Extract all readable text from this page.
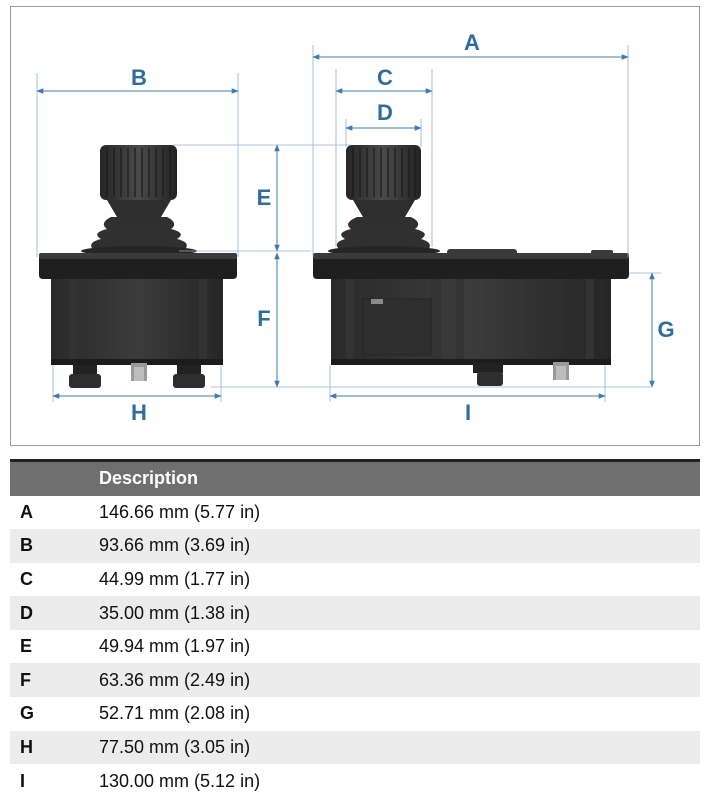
A
B	C
D
E
F	G
H	I
	Description
A	146.66 mm (5.77 in)
B	93.66 mm (3.69 in)
C	44.99 mm (1.77 in)
D	35.00 mm (1.38 in)
E	49.94 mm (1.97 in)
F	63.36 mm (2.49 in)
G	52.71 mm (2.08 in)
H	77.50 mm (3.05 in)
I	130.00 mm (5.12 in)
